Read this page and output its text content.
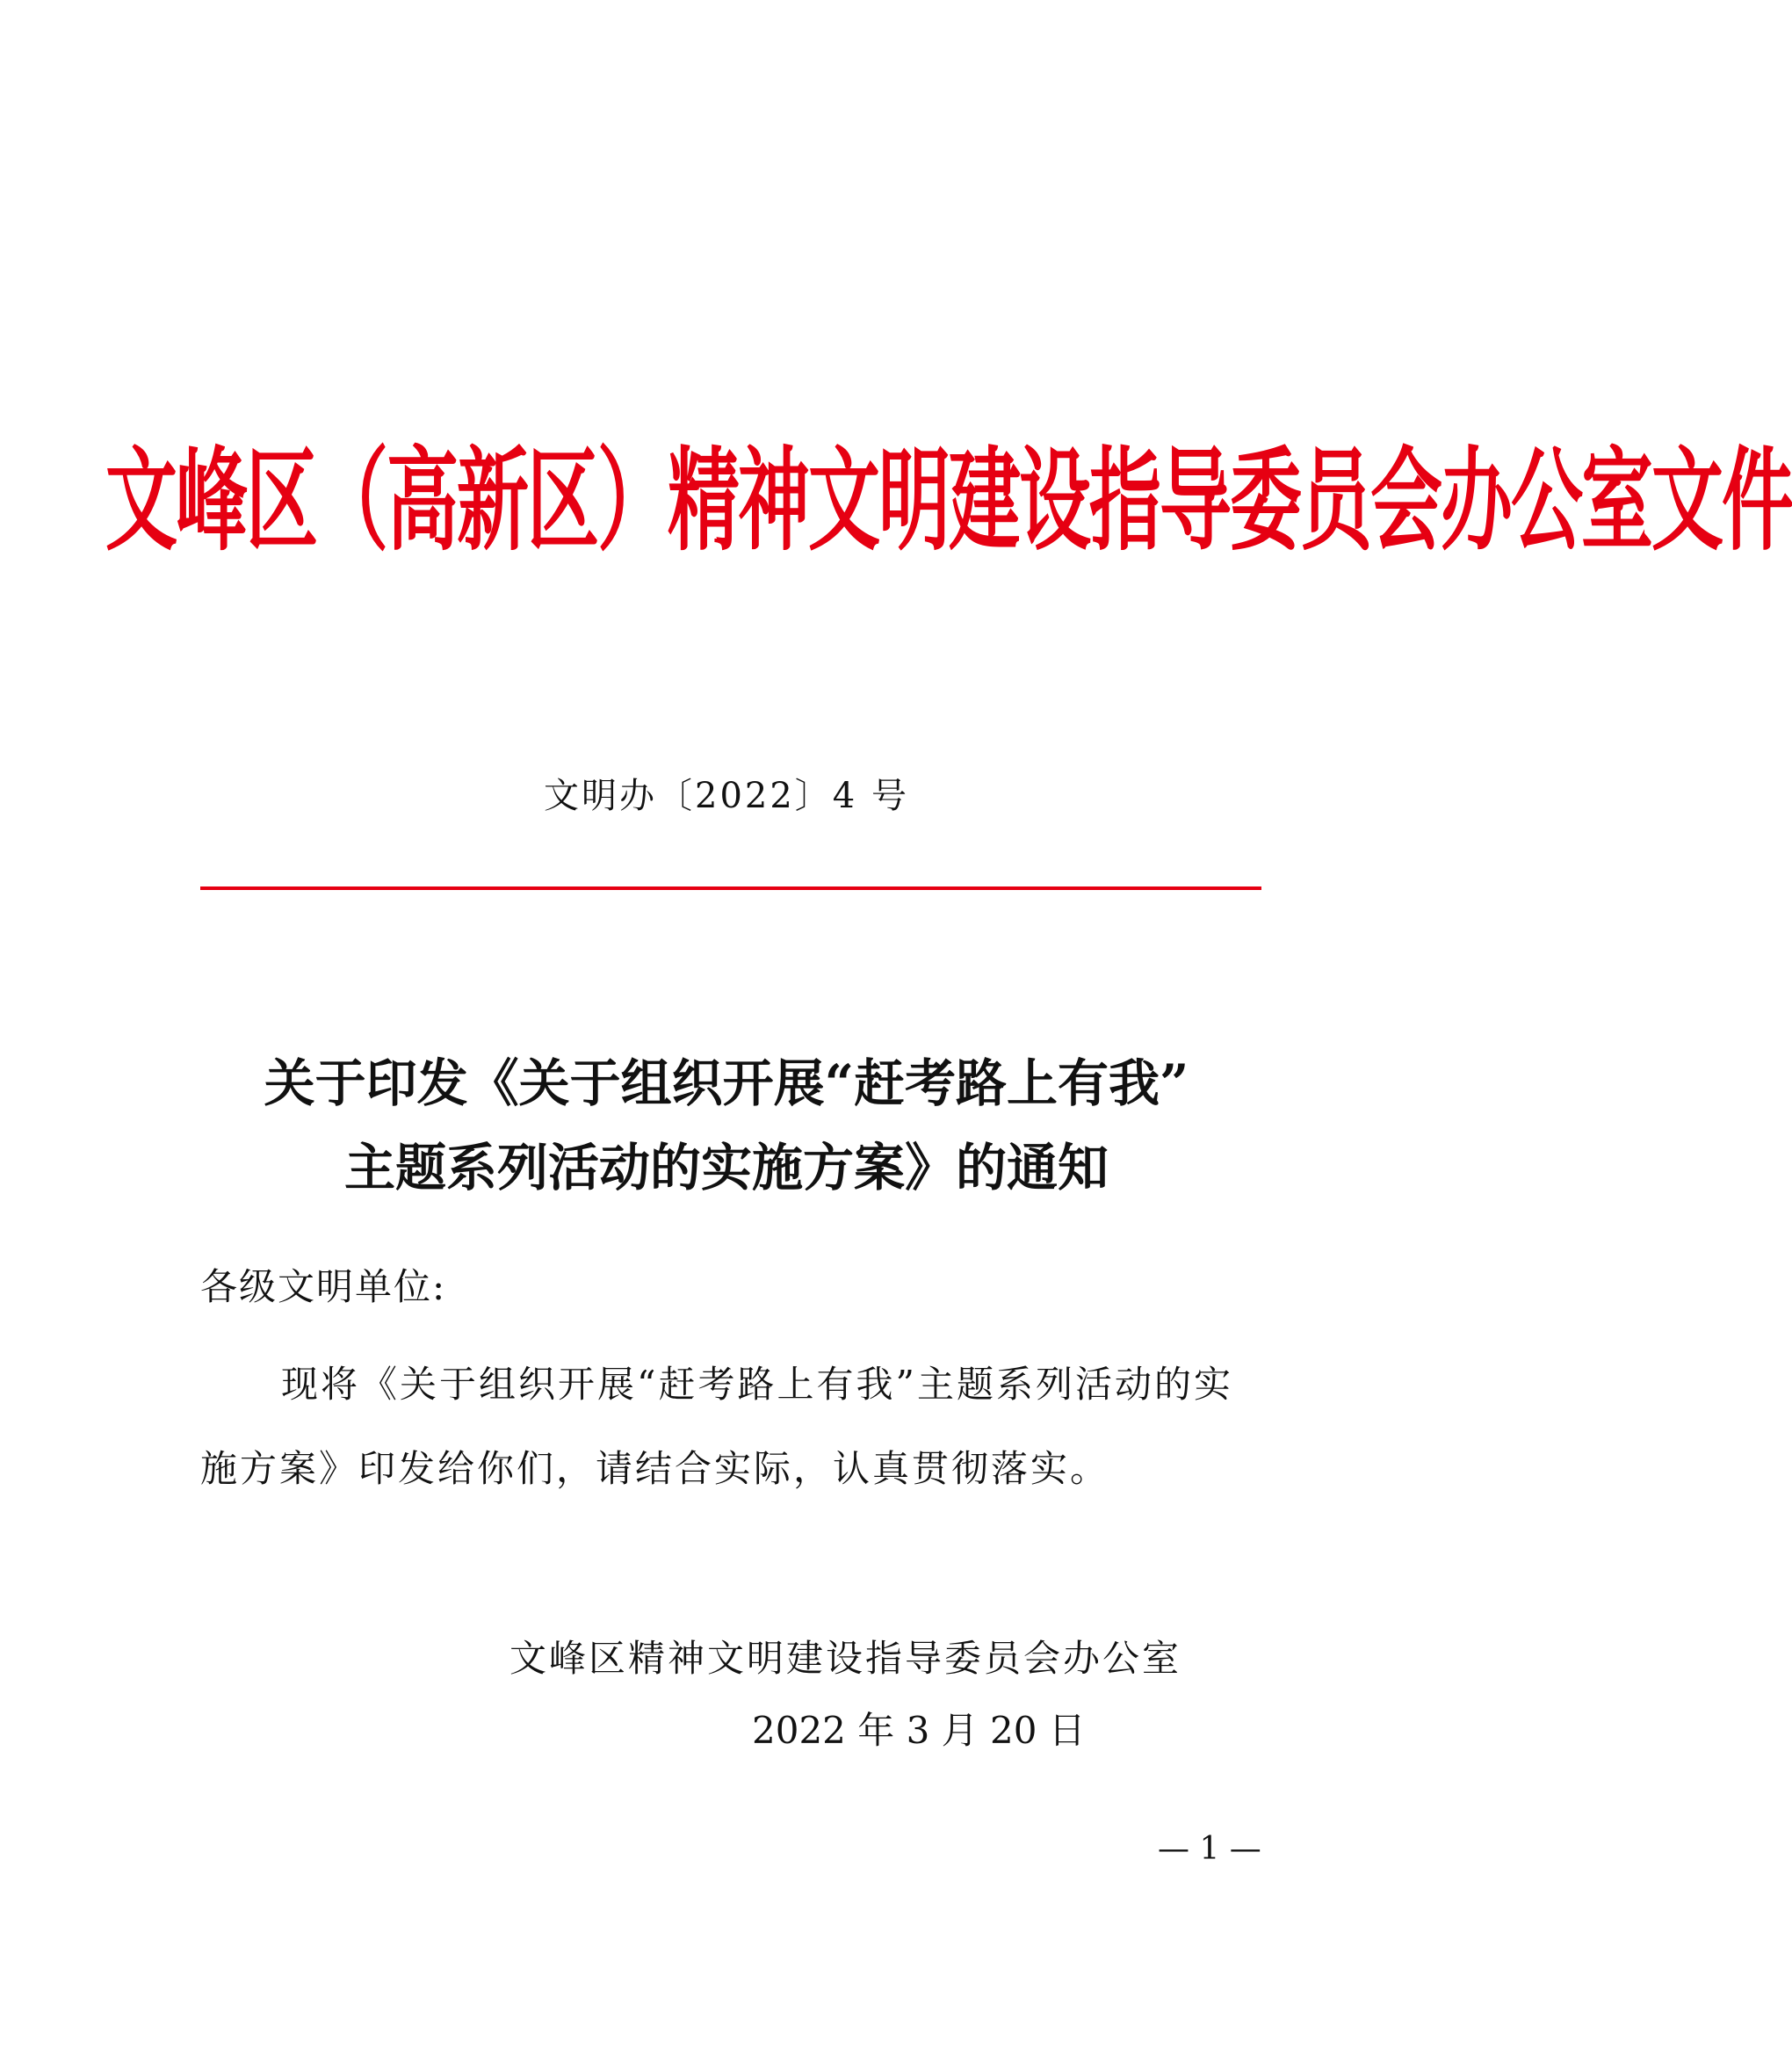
文峰区（高新区）精神文明建设指导委员会办公室文件
文明办〔2022〕4 号
关于印发《关于组织开展“赶考路上有我”
主题系列活动的实施方案》的通知
各级文明单位:
现将《关于组织开展“赶考路上有我”主题系列活动的实
施方案》印发给你们，请结合实际，认真贯彻落实。
文峰区精神文明建设指导委员会办公室
2022 年 3 月 20 日
— 1 —
